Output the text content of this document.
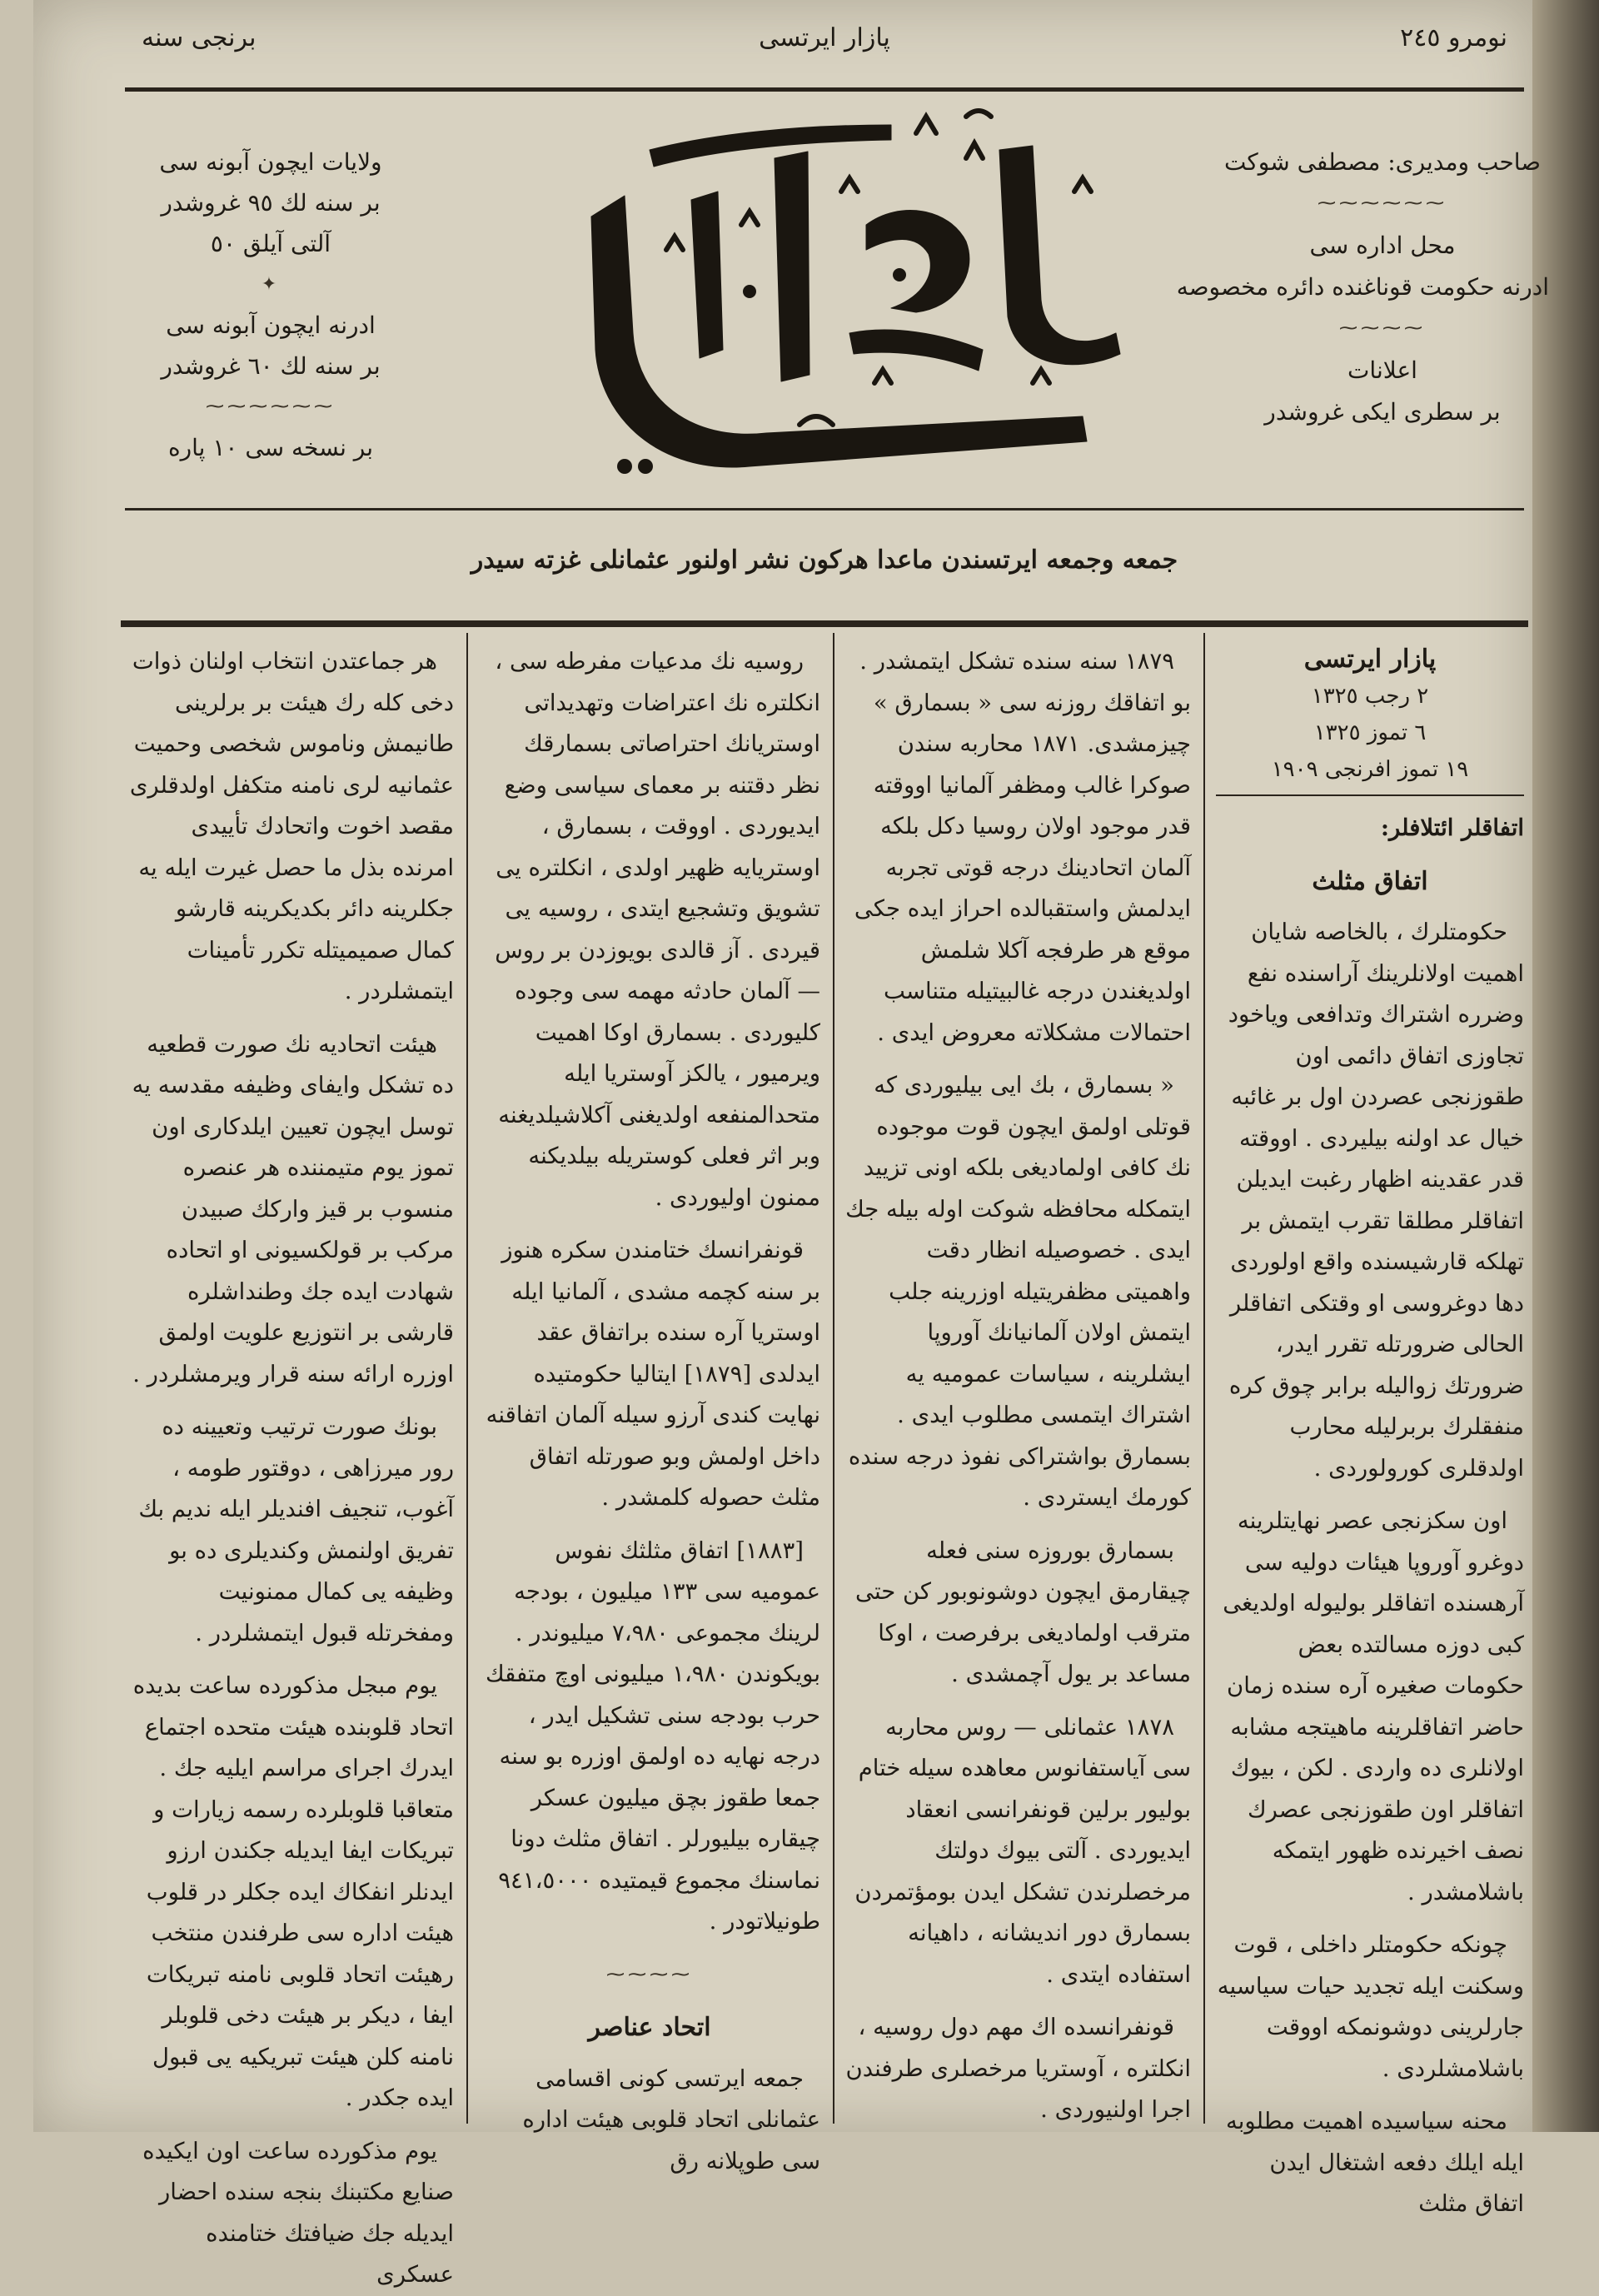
برنجی سنه	پازار ایرتسی	نومرو ٢٤٥
ولایات ایچون آبونه سی
بر سنه لك ٩٥ غروشدر
آلتی آیلق ٥٠
✦
ادرنه ایچون آبونه سی
بر سنه لك ٦٠ غروشدر
⁓⁓⁓⁓⁓⁓
بر نسخه سی ١٠ پاره
صاحب ومدیری: مصطفی شوکت
⁓⁓⁓⁓⁓⁓
محل اداره سی
ادرنه حکومت قوناغنده دائره مخصوصه
⁓⁓⁓⁓
اعلانات
بر سطری ایکی غروشدر
جمعه وجمعه ایرتسندن ماعدا هرکون نشر اولنور عثمانلی غزته سیدر
پازار ایرتسی
٢ رجب ١٣٢٥
٦ تموز ١٣٢٥
١٩ تموز افرنجی ١٩٠٩
اتفاقلر ائتلافلر:
اتفاق مثلث

حکومتلرك ، بالخاصه شایان اهمیت اولانلرینك آراسنده نفع وضرره اشتراك وتدافعی ویاخود تجاوزی اتفاق دائمی اون طقوزنجی عصردن اول بر غائبه خیال عد اولنه بیلیردی . اووقته قدر عقدینه اظهار رغبت ایدیلن اتفاقلر مطلقا تقرب ایتمش بر تهلکه قارشیسنده واقع اولوردی دها دوغروسی او وقتکی اتفاقلر الحالی ضرورتله تقرر ایدر، ضرورتك زوالیله برابر چوق کره منفقلرك بربرلیله محارب اولدقلری کورولوردی .

اون سکزنجی عصر نهایتلرینه دوغرو آوروپا هیئات دولیه سی آرهسنده اتفاقلر بولیوله اولدیغی کبی دوزه مسالتده بعض حکومات صغیره آره سنده زمان حاضر اتفاقلرینه ماهیتجه مشابه اولانلری ده واردی . لکن ، بیوك اتفاقلر اون طقوزنجی عصرك نصف اخیرنده ظهور ایتمکه باشلامشدر .

چونکه حکومتلر داخلی ، قوت وسکنت ایله تجدید حیات سیاسیه جارلرینی دوشونمکه اووقت باشلامشلردی .

محنه سیاسیده اهمیت مطلوبه ایله ایلك دفعه اشتغال ایدن اتفاق مثلث

١٨٧٩ سنه سنده تشکل ایتمشدر . بو اتفاقك روزنه سی « بسمارق » چیزمشدی. ١٨٧١ محاربه سندن صوکرا غالب ومظفر آلمانیا اووقته قدر موجود اولان روسیا دکل بلکه آلمان اتحادینك درجه قوتی تجربه ایدلمش واستقبالده احراز ایده جکی موقع هر طرفجه آکلا شلمش اولدیغندن درجه غالبیتیله متناسب احتمالات مشکلاته معروض ایدی .

« بسمارق ، بك ایی بیلیوردی که قوتلی اولمق ایچون قوت موجوده نك کافی اولمادیغی بلکه اونی تزیید ایتمکله محافظه شوکت اوله بیله جك ایدی . خصوصیله انظار دقت واهمیتی مظفریتیله اوزرینه جلب ایتمش اولان آلمانیانك آوروپا ایشلرینه ، سیاسات عمومیه یه اشتراك ایتمسی مطلوب ایدی . بسمارق بواشتراکی نفوذ درجه سنده کورمك ایستردی .

بسمارق بوروزه سنی فعله چیقارمق ایچون دوشونوبور کن حتی مترقب اولمادیغی برفرصت ، اوکا مساعد بر یول آچمشدی .

١٨٧٨ عثمانلی — روس محاربه سی آیاستفانوس معاهده سیله ختام بولیور برلین قونفرانسی انعقاد ایدیوردی . آلتی بیوك دولتك مرخصلرندن تشکل ایدن بومؤتمردن بسمارق دور اندیشانه ، داهیانه استفاده ایتدی .

قونفرانسده اك مهم دول روسیه ، انکلتره ، آوستریا مرخصلری طرفندن اجرا اولنیوردی .

روسیه نك مدعیات مفرطه سی ، انکلتره نك اعتراضات وتهدیداتی اوستریانك احتراصاتی بسمارقك نظر دقتنه بر معمای سیاسی وضع ایدیوردی . اووقت ، بسمارق ، اوستریایه ظهیر اولدی ، انکلتره یی تشویق وتشجیع ایتدی ، روسیه یی قیردی . آز قالدی بویوزدن بر روس — آلمان حادثه مهمه سی وجوده کلیوردی . بسمارق اوکا اهمیت ویرمیور ، یالکز آوستریا ایله متحدالمنفعه اولدیغنی آکلاشیلدیغنه وبر اثر فعلی کوستریله بیلدیکنه ممنون اولیوردی .

قونفرانسك ختامندن سکره هنوز بر سنه کچمه مشدی ، آلمانیا ایله اوستریا آره سنده براتفاق عقد ایدلدی [١٨٧٩] ایتالیا حکومتیده نهایت کندی آرزو سیله آلمان اتفاقنه داخل اولمش وبو صورتله اتفاق مثلث حصوله کلمشدر .

[١٨٨٣] اتفاق مثلثك نفوس عمومیه سی ١٣٣ میلیون ، بودجه لرینك مجموعی ٧،٩٨٠ میلیوندر . بویکوندن ١،٩٨٠ میلیونی اوچ متفقك حرب بودجه سنی تشکیل ایدر ، درجه نهایه ده اولمق اوزره بو سنه جمعا طقوز بچق میلیون عسکر چیقاره بیلیورلر . اتفاق مثلث دونا نماسنك مجموع قیمتیده ٩٤١،٥٠٠٠ طونیلاتودر .

⁓⁓⁓⁓
اتحاد عناصر

جمعه ایرتسی کونی اقسامی عثمانلی اتحاد قلوبی هیئت اداره سی طوپلانه رق

هر جماعتدن انتخاب اولنان ذوات دخی کله رك هیئت بر برلرینی طانیمش وناموس شخصی وحمیت عثمانیه لری نامنه متکفل اولدقلری مقصد اخوت واتحادك تأییدی امرنده بذل ما حصل غیرت ایله یه جکلرینه دائر بکدیکرینه قارشو کمال صمیمیتله تکرر تأمینات ایتمشلردر .

هیئت اتحادیه نك صورت قطعیه ده تشکل وایفای وظیفه مقدسه یه توسل ایچون تعیین ایلدکاری اون تموز یوم متیمننده هر عنصره منسوب بر قیز وارکك صبیدن مرکب بر قولکسیونی او اتحاده شهادت ایده جك وطنداشلره قارشی بر انتوزیع علویت اولمق اوزره ارائه سنه قرار ویرمشلردر .

بونك صورت ترتیب وتعیینه ده رور میرزاهی ، دوقتور طومه ، آغوب، تنجیف افندیلر ایله ندیم بك تفریق اولنمش وکندیلری ده بو وظیفه یی کمال ممنونیت ومفخرتله قبول ایتمشلردر .

یوم مبجل مذکورده ساعت بدیده اتحاد قلوبنده هیئت متحده اجتماع ایدرك اجرای مراسم ایلیه جك . متعاقبا قلوبلرده رسمه زیارات و تبریکات ایفا ایدیله جکندن ارزو ایدنلر انفکاك ایده جکلر در قلوب هیئت اداره سی طرفندن منتخب رهیئت اتحاد قلوبی نامنه تبریکات ایفا ، دیکر بر هیئت دخی قلوبلر نامنه کلن هیئت تبریکیه یی قبول ایده جکدر .

یوم مذکورده ساعت اون ایکیده صنایع مکتبنك بنجه سنده احضار ایدیله جك ضیافتك ختامنده عسکری
